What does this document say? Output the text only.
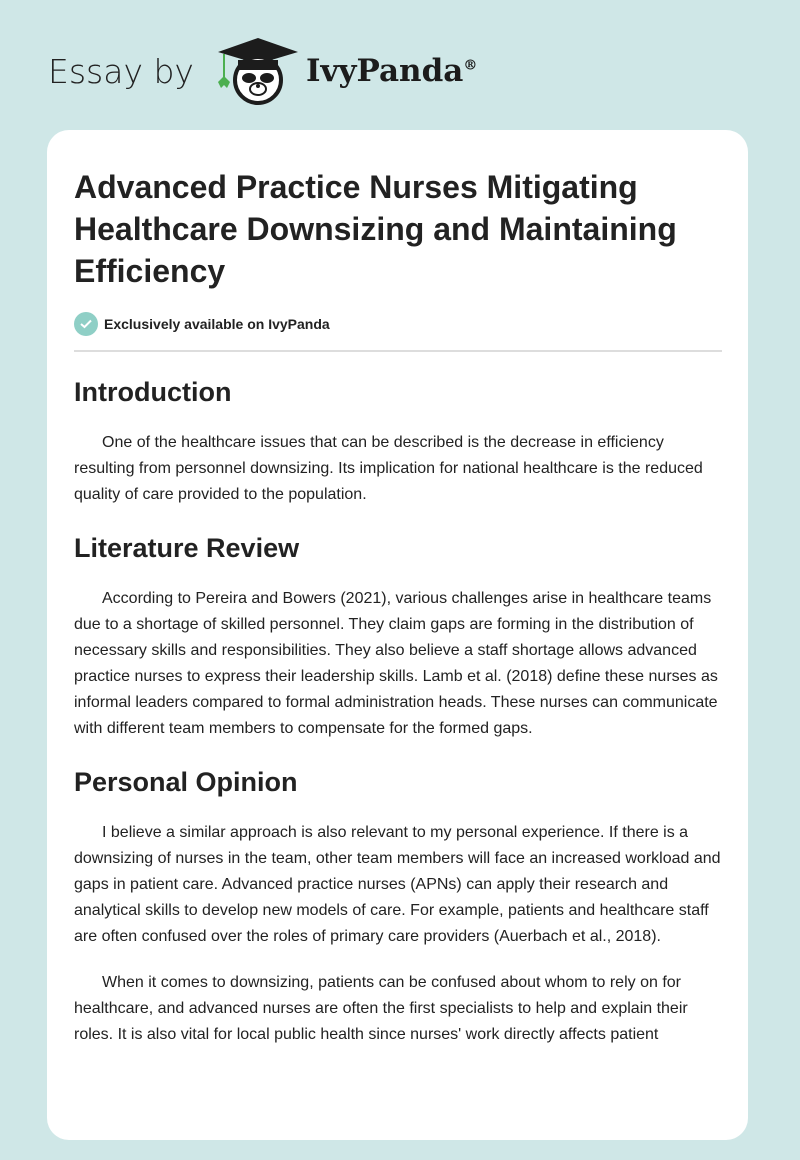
Essay by	IvyPanda®
Advanced Practice Nurses Mitigating Healthcare Downsizing and Maintaining Efficiency
Exclusively available on IvyPanda
Introduction

One of the healthcare issues that can be described is the decrease in efficiency resulting from personnel downsizing. Its implication for national healthcare is the reduced quality of care provided to the population.

Literature Review

According to Pereira and Bowers (2021), various challenges arise in healthcare teams due to a shortage of skilled personnel. They claim gaps are forming in the distribution of necessary skills and responsibilities. They also believe a staff shortage allows advanced practice nurses to express their leadership skills. Lamb et al. (2018) define these nurses as informal leaders compared to formal administration heads. These nurses can communicate with different team members to compensate for the formed gaps.

Personal Opinion

I believe a similar approach is also relevant to my personal experience. If there is a downsizing of nurses in the team, other team members will face an increased workload and gaps in patient care. Advanced practice nurses (APNs) can apply their research and analytical skills to develop new models of care. For example, patients and healthcare staff are often confused over the roles of primary care providers (Auerbach et al., 2018).

When it comes to downsizing, patients can be confused about whom to rely on for healthcare, and advanced nurses are often the first specialists to help and explain their roles. It is also vital for local public health since nurses' work directly affects patient
